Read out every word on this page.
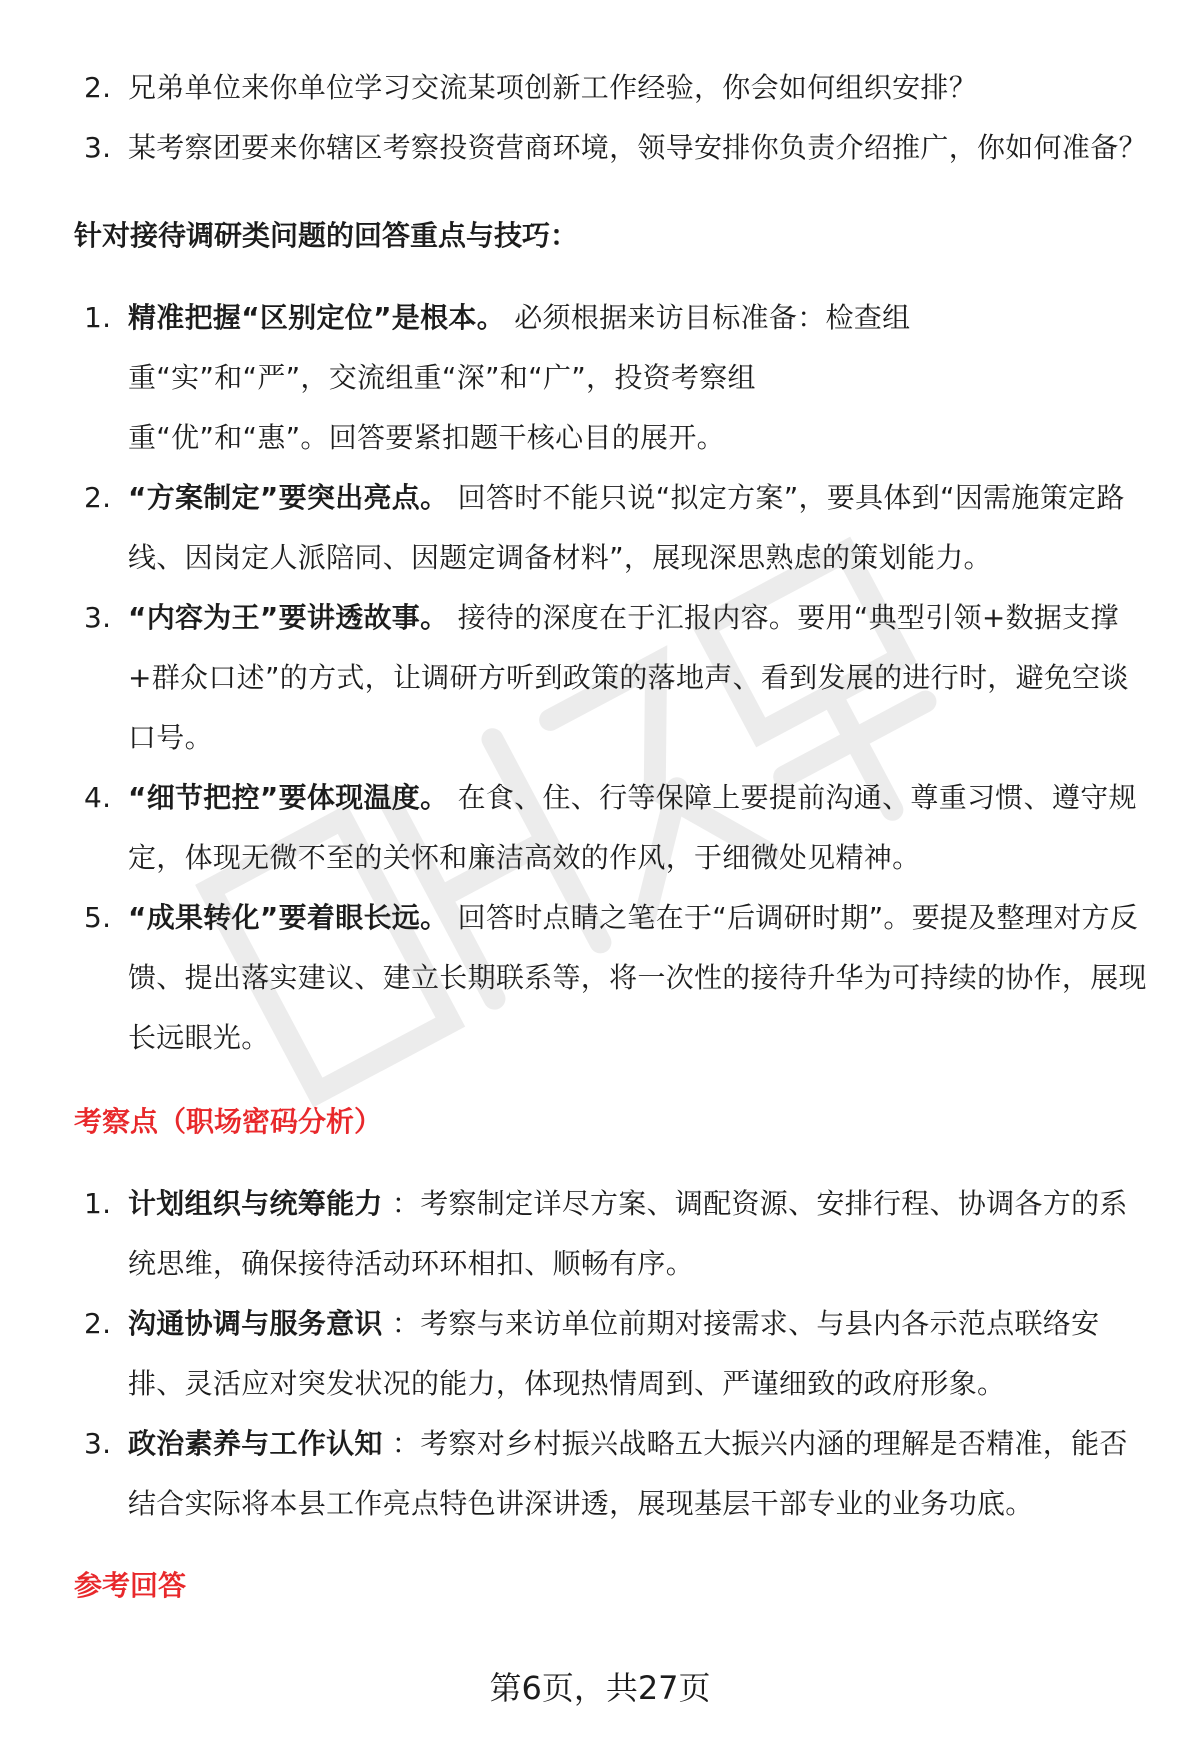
2. 兄弟单位来你单位学习交流某项创新工作经验，你会如何组织安排？
3. 某考察团要来你辖区考察投资营商环境，领导安排你负责介绍推广，你如何准备？
针对接待调研类问题的回答重点与技巧：
1. 精准把握“区别定位”是根本。 必须根据来访目标准备：检查组重“实”和“严”，交流组重“深”和“广”，投资考察组重“优”和“惠”。回答要紧扣题干核心目的展开。
2. “方案制定”要突出亮点。 回答时不能只说“拟定方案”，要具体到“因需施策定路线、因岗定人派陪同、因题定调备材料”，展现深思熟虑的策划能力。
3. “内容为王”要讲透故事。 接待的深度在于汇报内容。要用“典型引领+数据支撑+群众口述”的方式，让调研方听到政策的落地声、看到发展的进行时，避免空谈口号。
4. “细节把控”要体现温度。 在食、住、行等保障上要提前沟通、尊重习惯、遵守规定，体现无微不至的关怀和廉洁高效的作风，于细微处见精神。
5. “成果转化”要着眼长远。 回答时点睛之笔在于“后调研时期”。要提及整理对方反馈、提出落实建议、建立长期联系等，将一次性的接待升华为可持续的协作，展现长远眼光。
考察点（职场密码分析）
1. 计划组织与统筹能力 ：考察制定详尽方案、调配资源、安排行程、协调各方的系统思维，确保接待活动环环相扣、顺畅有序。
2. 沟通协调与服务意识 ：考察与来访单位前期对接需求、与县内各示范点联络安排、灵活应对突发状况的能力，体现热情周到、严谨细致的政府形象。
3. 政治素养与工作认知 ：考察对乡村振兴战略五大振兴内涵的理解是否精准，能否结合实际将本县工作亮点特色讲深讲透，展现基层干部专业的业务功底。
参考回答
第6页，共27页
